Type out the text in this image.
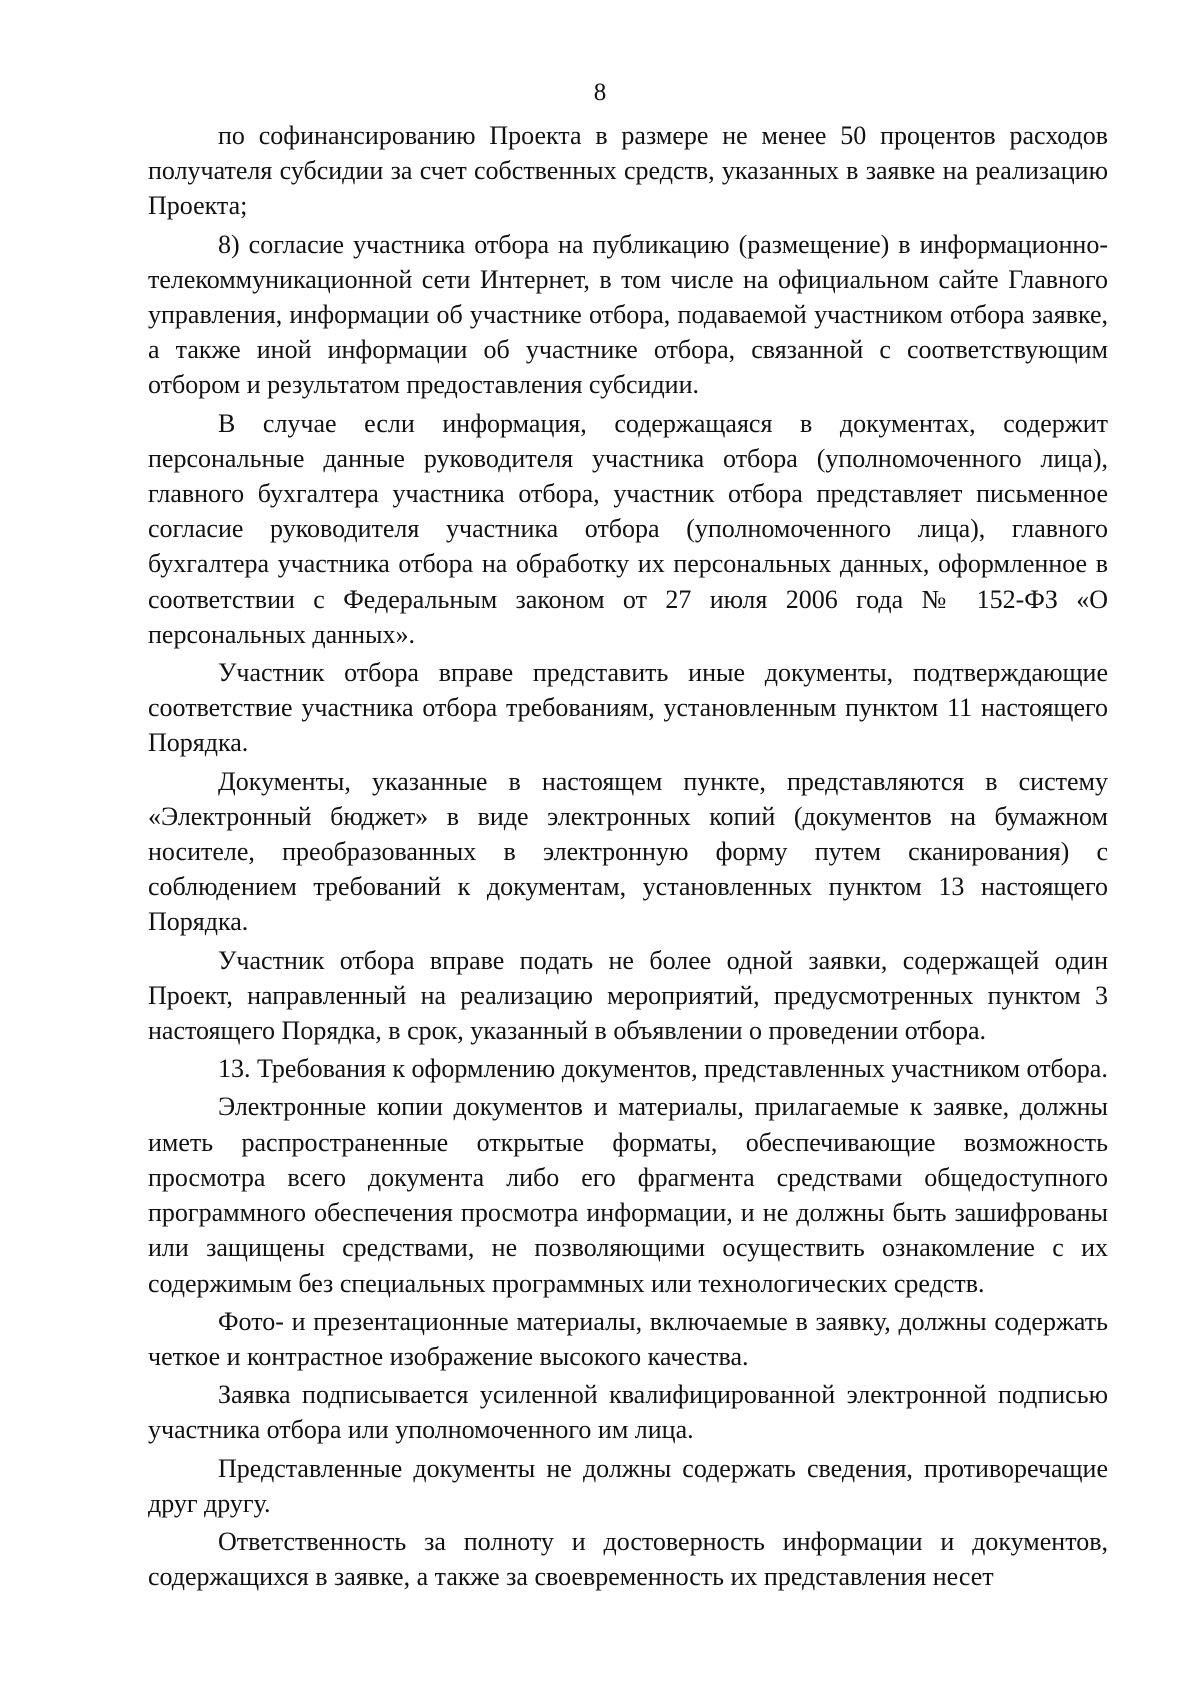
8

по софинансированию Проекта в размере не менее 50 процентов расходов получателя субсидии за счет собственных средств, указанных в заявке на реализацию Проекта;

8) согласие участника отбора на публикацию (размещение) в информационно-телекоммуникационной сети Интернет, в том числе на официальном сайте Главного управления, информации об участнике отбора, подаваемой участником отбора заявке, а также иной информации об участнике отбора, связанной с соответствующим отбором и результатом предоставления субсидии.

В случае если информация, содержащаяся в документах, содержит персональные данные руководителя участника отбора (уполномоченного лица), главного бухгалтера участника отбора, участник отбора представляет письменное согласие руководителя участника отбора (уполномоченного лица), главного бухгалтера участника отбора на обработку их персональных данных, оформленное в соответствии с Федеральным законом от 27 июля 2006 года № 152-ФЗ «О персональных данных».

Участник отбора вправе представить иные документы, подтверждающие соответствие участника отбора требованиям, установленным пунктом 11 настоящего Порядка.

Документы, указанные в настоящем пункте, представляются в систему «Электронный бюджет» в виде электронных копий (документов на бумажном носителе, преобразованных в электронную форму путем сканирования) с соблюдением требований к документам, установленных пунктом 13 настоящего Порядка.

Участник отбора вправе подать не более одной заявки, содержащей один Проект, направленный на реализацию мероприятий, предусмотренных пунктом 3 настоящего Порядка, в срок, указанный в объявлении о проведении отбора.

13. Требования к оформлению документов, представленных участником отбора.

Электронные копии документов и материалы, прилагаемые к заявке, должны иметь распространенные открытые форматы, обеспечивающие возможность просмотра всего документа либо его фрагмента средствами общедоступного программного обеспечения просмотра информации, и не должны быть зашифрованы или защищены средствами, не позволяющими осуществить ознакомление с их содержимым без специальных программных или технологических средств.

Фото- и презентационные материалы, включаемые в заявку, должны содержать четкое и контрастное изображение высокого качества.

Заявка подписывается усиленной квалифицированной электронной подписью участника отбора или уполномоченного им лица.

Представленные документы не должны содержать сведения, противоречащие друг другу.

Ответственность за полноту и достоверность информации и документов, содержащихся в заявке, а также за своевременность их представления несет
